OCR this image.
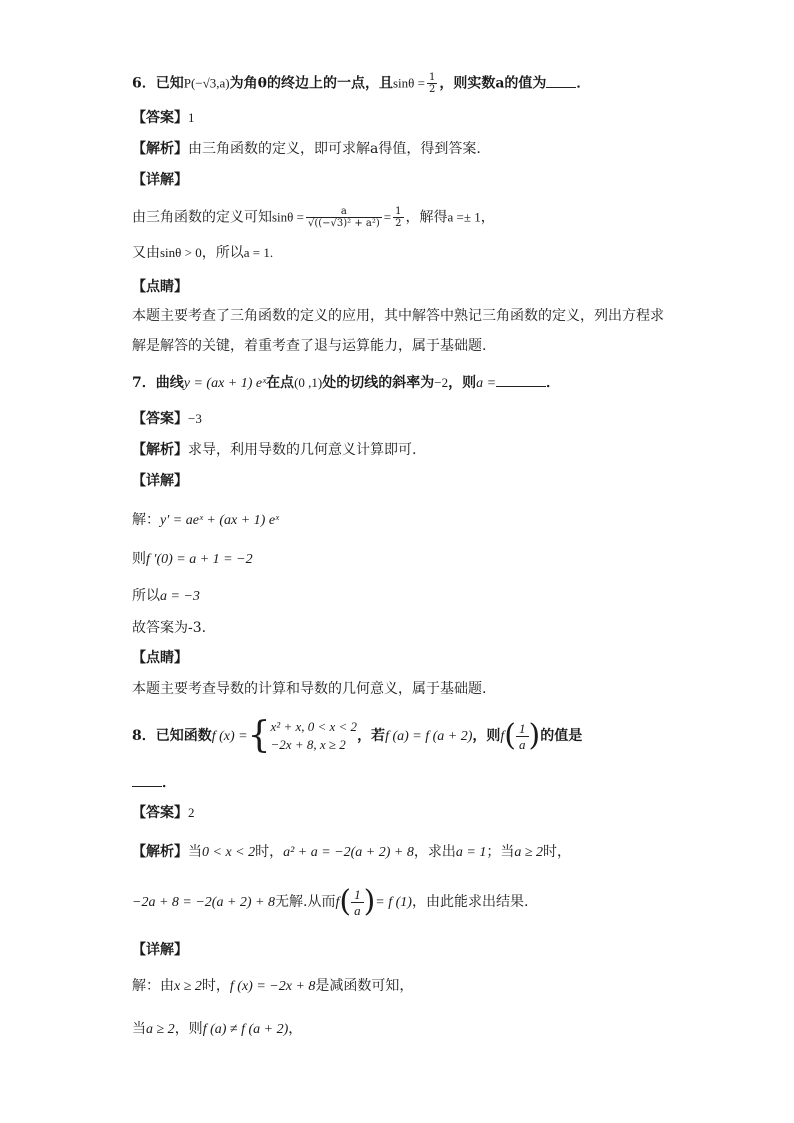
6．已知P(−√3,a)为角θ的终边上的一点，且$\sin\theta = \frac{1}{2}$ ，则实数a的值为 ．
【答案】1
【解析】由三角函数的定义，即可求解a得值，得到答案.
【详解】
由三角函数的定义可知$\sin\theta = \frac{a}{\text{√((−√3)² + a²)}} = \frac{1}{2}$ ，解得a =± 1，
又由sinθ > 0，所以a = 1.
【点睛】
本题主要考查了三角函数的定义的应用，其中解答中熟记三角函数的定义，列出方程求
解是解答的关键，着重考查了退与运算能力，属于基础题.
7．曲线y = (ax + 1) eˣ在点(0 ,1)处的切线的斜率为−2，则a =	．
【答案】−3
【解析】求导，利用导数的几何意义计算即可.
【详解】
解：y′ = aeˣ + (ax + 1) eˣ
则f ′(0) = a + 1 = −2
所以a = −3
故答案为-3.
【点睛】
本题主要考查导数的计算和导数的几何意义，属于基础题.
8．已知函数f (x) ={ x² + x, 0 < x < 2
−2x + 8, x ≥ 2
，若f (a) = f (a + 2)，则$f( \frac{1}{a}$ )的值是
．
【答案】2
【解析】当0 < x < 2时，a² + a = −2(a + 2) + 8，求出a = 1；当a ≥ 2时，
−2a + 8 = −2(a + 2) + 8无解.从而$f( \frac{1}{a}$ )= f (1)，由此能求出结果.
【详解】
解：由x ≥ 2时，f (x) = −2x + 8是减函数可知，
当a ≥ 2，则f (a) ≠ f (a + 2)，
